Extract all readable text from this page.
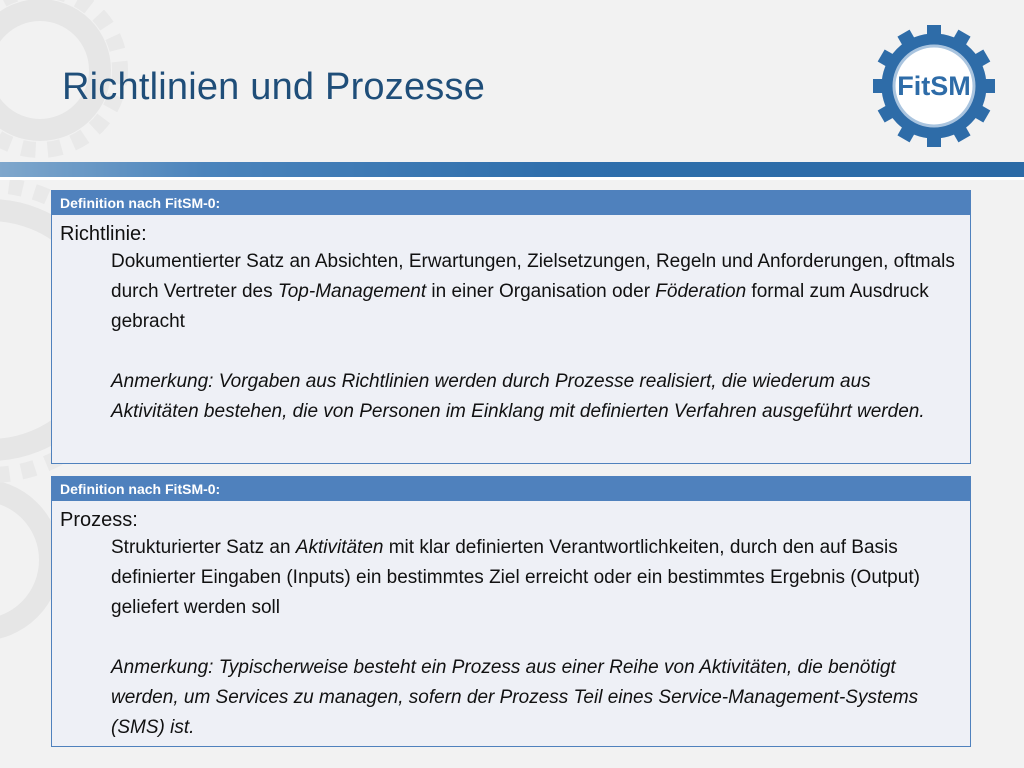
Richtlinien und Prozesse	FitSM
Definition nach FitSM-0:
Richtlinie:
Dokumentierter Satz an Absichten, Erwartungen, Zielsetzungen, Regeln und Anforderungen, oftmals durch Vertreter des Top-Management in einer Organisation oder Föderation formal zum Ausdruck gebracht
Anmerkung: Vorgaben aus Richtlinien werden durch Prozesse realisiert, die wiederum aus Aktivitäten bestehen, die von Personen im Einklang mit definierten Verfahren ausgeführt werden.
Definition nach FitSM-0:
Prozess:
Strukturierter Satz an Aktivitäten mit klar definierten Verantwortlichkeiten, durch den auf Basis definierter Eingaben (Inputs) ein bestimmtes Ziel erreicht oder ein bestimmtes Ergebnis (Output) geliefert werden soll
Anmerkung: Typischerweise besteht ein Prozess aus einer Reihe von Aktivitäten, die benötigt werden, um Services zu managen, sofern der Prozess Teil eines Service-Management-Systems (SMS) ist.
